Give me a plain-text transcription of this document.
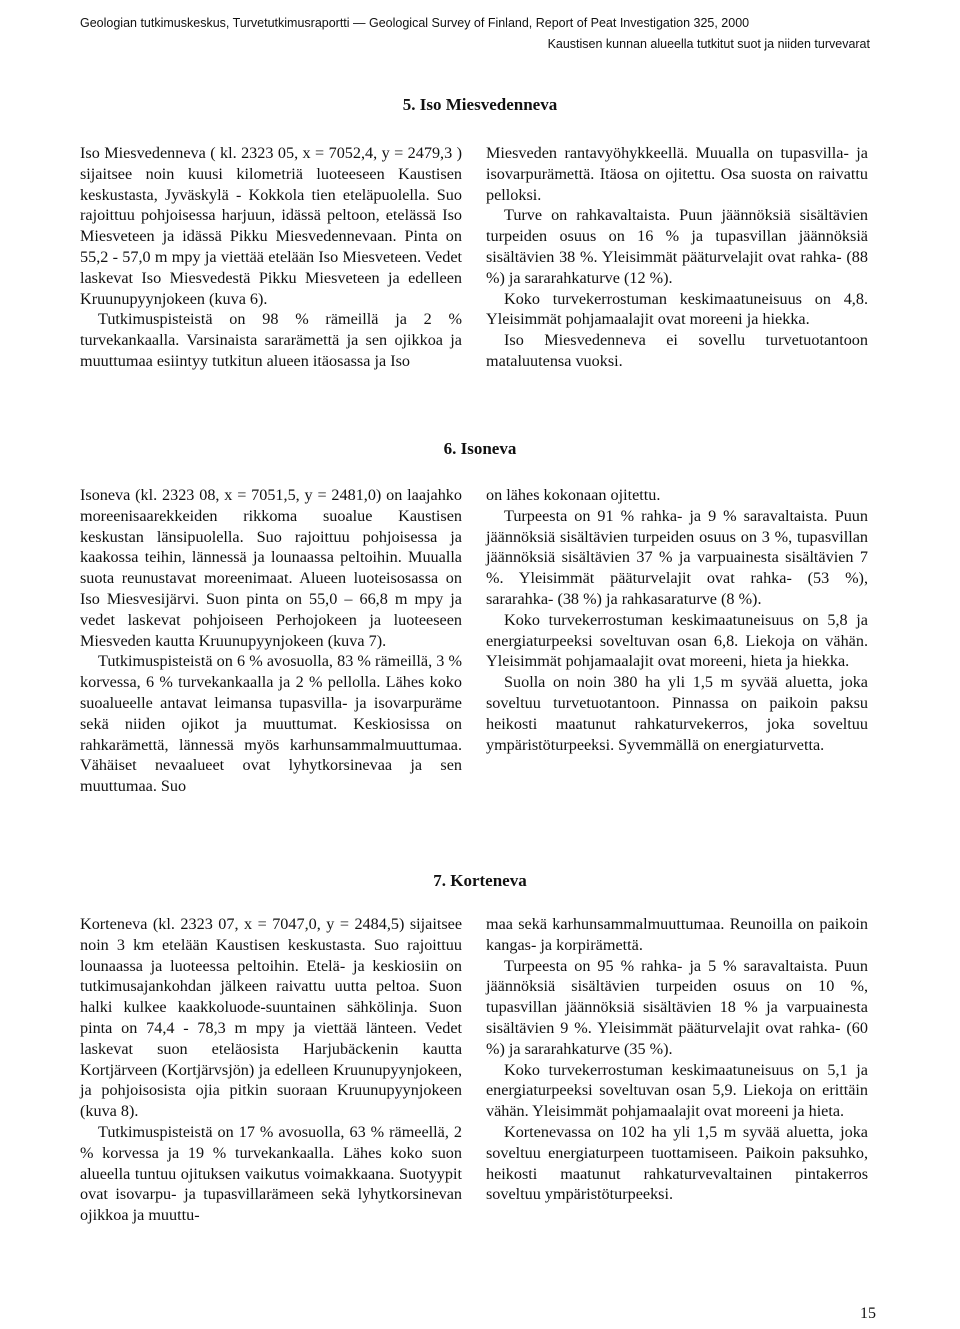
Geologian tutkimuskeskus, Turvetutkimusraportti — Geological Survey of Finland, Report of Peat Investigation 325, 2000
Kaustisen kunnan alueella tutkitut suot ja niiden turvevarat
5. Iso Miesvedenneva

Iso Miesvedenneva ( kl. 2323 05, x = 7052,4, y = 2479,3 ) sijaitsee noin kuusi kilometriä luoteeseen Kaustisen keskustasta, Jyväskylä - Kokkola tien eteläpuolella. Suo rajoittuu pohjoisessa harjuun, idässä peltoon, etelässä Iso Miesveteen ja idässä Pikku Miesvedennevaan. Pinta on 55,2 - 57,0 m mpy ja viettää etelään Iso Miesveteen. Vedet laskevat Iso Miesvedestä Pikku Miesveteen ja edelleen Kruunupyynjokeen (kuva 6).

Tutkimuspisteistä on 98 % rämeillä ja 2 % turvekankaalla. Varsinaista sararämettä ja sen ojikkoa ja muuttumaa esiintyy tutkitun alueen itäosassa ja Iso

Miesveden rantavyöhykkeellä. Muualla on tupasvilla- ja isovarpurämettä. Itäosa on ojitettu. Osa suosta on raivattu pelloksi.

Turve on rahkavaltaista. Puun jäännöksiä sisältävien turpeiden osuus on 16 % ja tupasvillan jäännöksiä sisältävien 38 %. Yleisimmät pääturvelajit ovat rahka- (88 %) ja sararahkaturve (12 %).

Koko turvekerrostuman keskimaatuneisuus on 4,8. Yleisimmät pohjamaalajit ovat moreeni ja hiekka.

Iso Miesvedenneva ei sovellu turvetuotantoon mataluutensa vuoksi.

6. Isoneva

Isoneva (kl. 2323 08, x = 7051,5, y = 2481,0) on laajahko moreenisaarekkeiden rikkoma suoalue Kaustisen keskustan länsipuolella. Suo rajoittuu pohjoisessa ja kaakossa teihin, lännessä ja lounaassa peltoihin. Muualla suota reunustavat moreenimaat. Alueen luoteisosassa on Iso Miesvesijärvi. Suon pinta on 55,0 – 66,8 m mpy ja vedet laskevat pohjoiseen Perhojokeen ja luoteeseen Miesveden kautta Kruunupyynjokeen (kuva 7).

Tutkimuspisteistä on 6 % avosuolla, 83 % rämeillä, 3 % korvessa, 6 % turvekankaalla ja 2 % pellolla. Lähes koko suoalueelle antavat leimansa tupasvilla- ja isovarpuräme sekä niiden ojikot ja muuttumat. Keskiosissa on rahkarämettä, lännessä myös karhunsammalmuuttumaa. Vähäiset nevaalueet ovat lyhytkorsinevaa ja sen muuttumaa. Suo

on lähes kokonaan ojitettu.

Turpeesta on 91 % rahka- ja 9 % saravaltaista. Puun jäännöksiä sisältävien turpeiden osuus on 3 %, tupasvillan jäännöksiä sisältävien 37 % ja varpuainesta sisältävien 7 %. Yleisimmät pääturvelajit ovat rahka- (53 %), sararahka- (38 %) ja rahkasaraturve (8 %).

Koko turvekerrostuman keskimaatuneisuus on 5,8 ja energiaturpeeksi soveltuvan osan 6,8. Liekoja on vähän. Yleisimmät pohjamaalajit ovat moreeni, hieta ja hiekka.

Suolla on noin 380 ha yli 1,5 m syvää aluetta, joka soveltuu turvetuotantoon. Pinnassa on paikoin paksu heikosti maatunut rahkaturvekerros, joka soveltuu ympäristöturpeeksi. Syvemmällä on energiaturvetta.

7. Korteneva

Korteneva (kl. 2323 07, x = 7047,0, y = 2484,5) sijaitsee noin 3 km etelään Kaustisen keskustasta. Suo rajoittuu lounaassa ja luoteessa peltoihin. Etelä- ja keskiosiin on tutkimusajankohdan jälkeen raivattu uutta peltoa. Suon halki kulkee kaakkoluode-suuntainen sähkölinja. Suon pinta on 74,4 - 78,3 m mpy ja viettää länteen. Vedet laskevat suon eteläosista Harjubäckenin kautta Kortjärveen (Kortjärvsjön) ja edelleen Kruunupyynjokeen, ja pohjoisosista ojia pitkin suoraan Kruunupyynjokeen (kuva 8).

Tutkimuspisteistä on 17 % avosuolla, 63 % rämeellä, 2 % korvessa ja 19 % turvekankaalla. Lähes koko suon alueella tuntuu ojituksen vaikutus voimakkaana. Suotyypit ovat isovarpu- ja tupasvillarämeen sekä lyhytkorsinevan ojikkoa ja muuttu-

maa sekä karhunsammalmuuttumaa. Reunoilla on paikoin kangas- ja korpirämettä.

Turpeesta on 95 % rahka- ja 5 % saravaltaista. Puun jäännöksiä sisältävien turpeiden osuus on 10 %, tupasvillan jäännöksiä sisältävien 18 % ja varpuainesta sisältävien 9 %. Yleisimmät pääturvelajit ovat rahka- (60 %) ja sararahkaturve (35 %).

Koko turvekerrostuman keskimaatuneisuus on 5,1 ja energiaturpeeksi soveltuvan osan 5,9. Liekoja on erittäin vähän. Yleisimmät pohjamaalajit ovat moreeni ja hieta.

Kortenevassa on 102 ha yli 1,5 m syvää aluetta, joka soveltuu energiaturpeen tuottamiseen. Paikoin paksuhko, heikosti maatunut rahkaturvevaltainen pintakerros soveltuu ympäristöturpeeksi.

15
